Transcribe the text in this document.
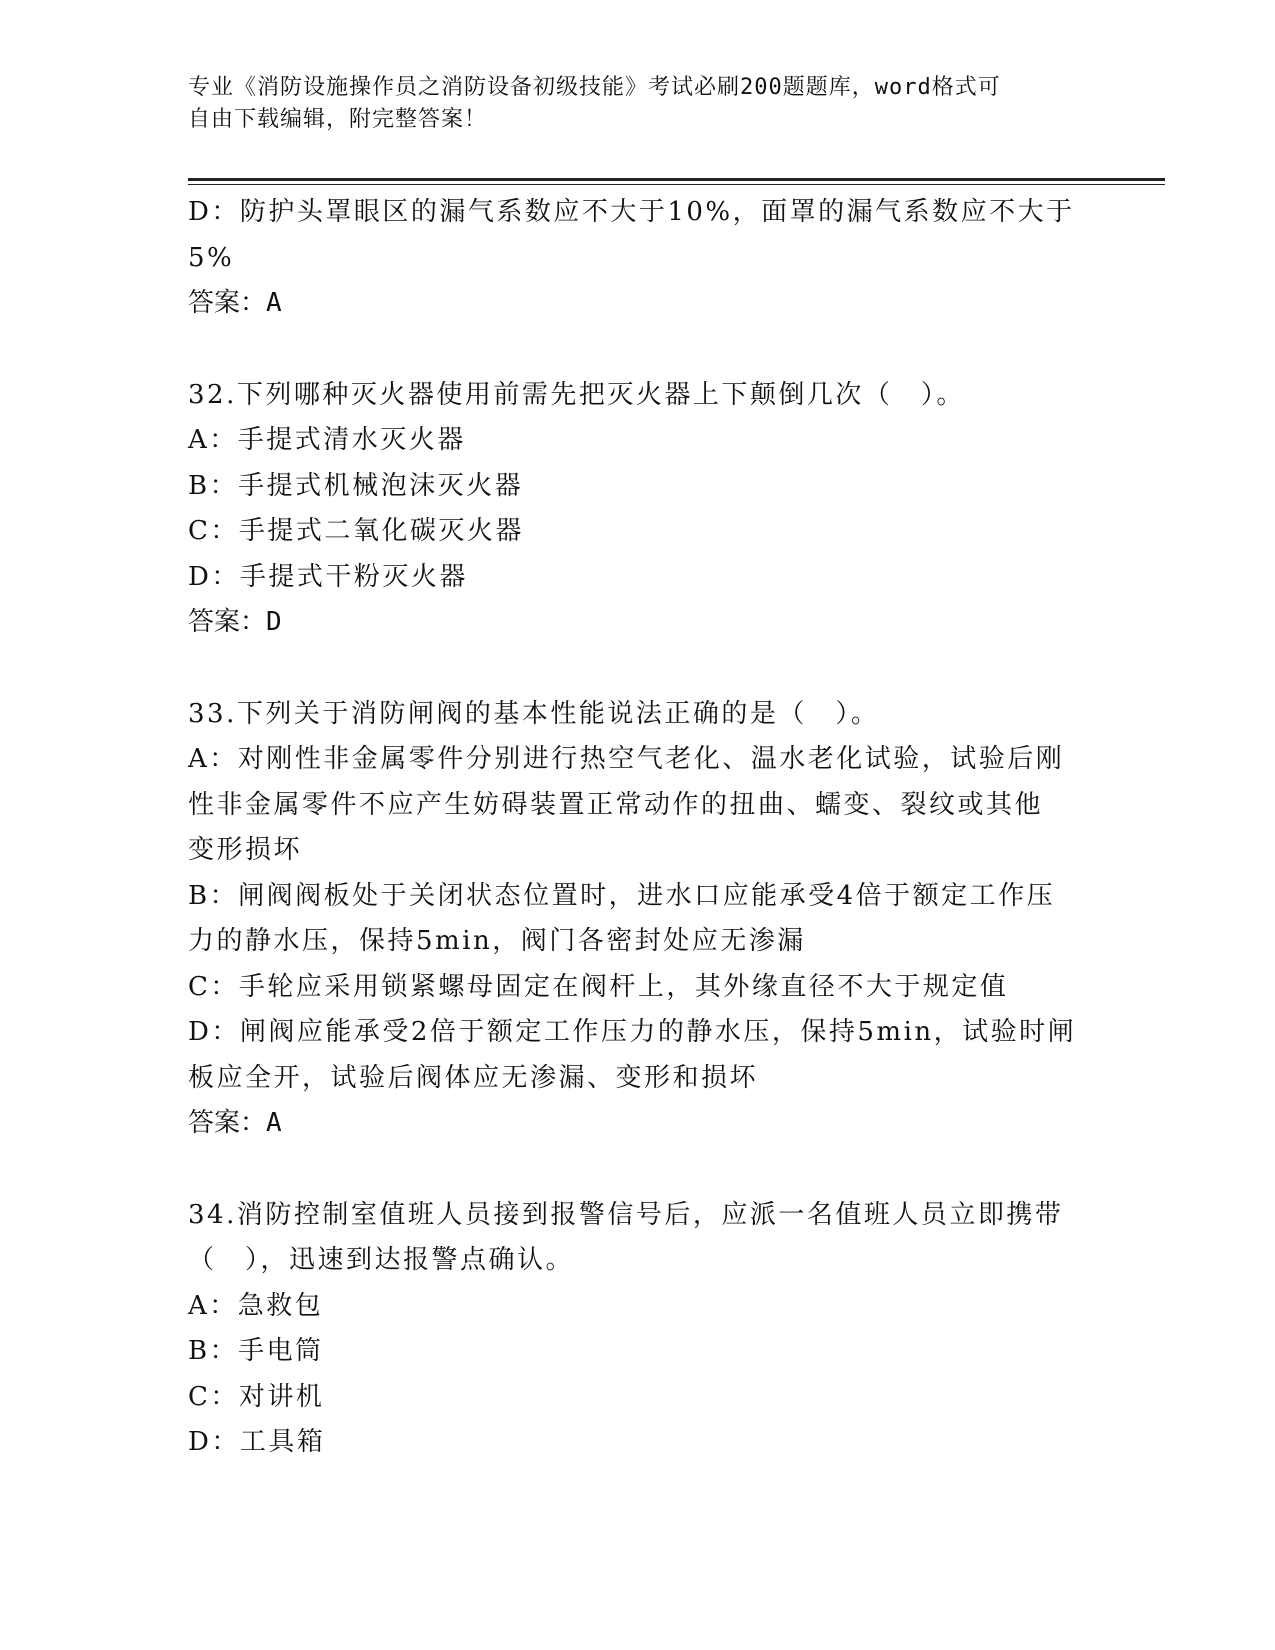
专业《消防设施操作员之消防设备初级技能》考试必刷200题题库，word格式可
自由下载编辑，附完整答案！
D：防护头罩眼区的漏气系数应不大于10%，面罩的漏气系数应不大于
5%
答案：A
32.下列哪种灭火器使用前需先把灭火器上下颠倒几次（　）。
A：手提式清水灭火器
B：手提式机械泡沫灭火器
C：手提式二氧化碳灭火器
D：手提式干粉灭火器
答案：D
33.下列关于消防闸阀的基本性能说法正确的是（　）。
A：对刚性非金属零件分别进行热空气老化、温水老化试验，试验后刚
性非金属零件不应产生妨碍装置正常动作的扭曲、蠕变、裂纹或其他
变形损坏
B：闸阀阀板处于关闭状态位置时，进水口应能承受4倍于额定工作压
力的静水压，保持5min，阀门各密封处应无渗漏
C：手轮应采用锁紧螺母固定在阀杆上，其外缘直径不大于规定值
D：闸阀应能承受2倍于额定工作压力的静水压，保持5min，试验时闸
板应全开，试验后阀体应无渗漏、变形和损坏
答案：A
34.消防控制室值班人员接到报警信号后，应派一名值班人员立即携带
（　），迅速到达报警点确认。
A：急救包
B：手电筒
C：对讲机
D：工具箱
